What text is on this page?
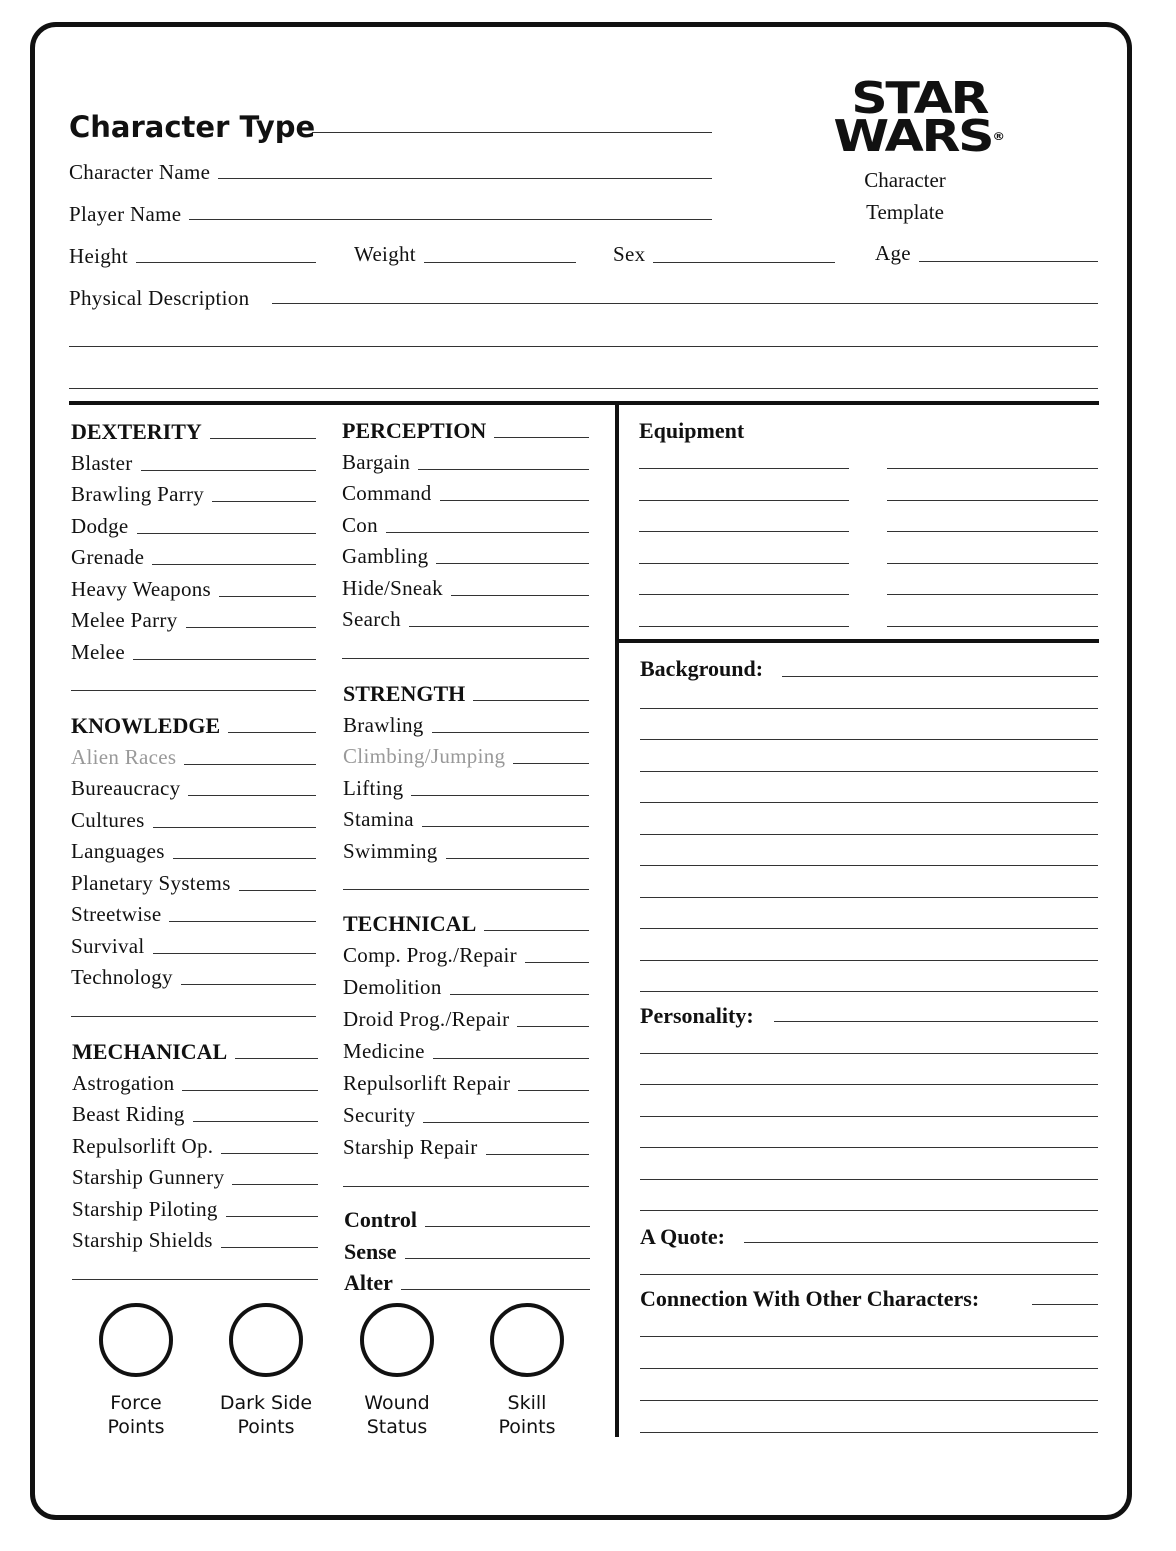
STAR
WARS®
Character
Template
Character Type
Character Name
Player Name
Height	Weight	Sex	Age
Physical Description
DEXTERITY
Blaster
Brawling Parry
Dodge
Grenade
Heavy Weapons
Melee Parry
Melee
KNOWLEDGE
Alien Races
Bureaucracy
Cultures
Languages
Planetary Systems
Streetwise
Survival
Technology
MECHANICAL
Astrogation
Beast Riding
Repulsorlift Op.
Starship Gunnery
Starship Piloting
Starship Shields
PERCEPTION
Bargain
Command
Con
Gambling
Hide/Sneak
Search
STRENGTH
Brawling
Climbing/Jumping
Lifting
Stamina
Swimming
TECHNICAL
Comp. Prog./Repair
Demolition
Droid Prog./Repair
Medicine
Repulsorlift Repair
Security
Starship Repair
Control
Sense
Alter
Force
Points
Dark Side
Points
Wound
Status
Skill
Points
Equipment
Background:
Personality:
A Quote:
Connection With Other Characters:
